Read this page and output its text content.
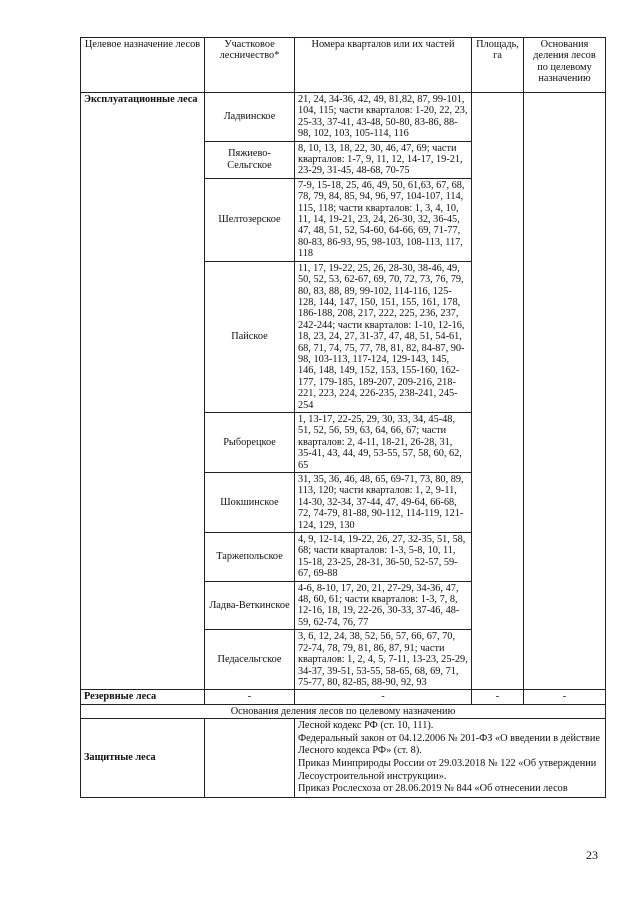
Целевое назначение лесов	Участковое лесничество*	Номера кварталов или их частей	Площадь, га	Основания деления лесов по целевому назначению
Эксплуатационные леса	Ладвинское	21, 24, 34-36, 42, 49, 81,82, 87, 99-101, 104, 115; части кварталов: 1-20, 22, 23, 25-33, 37-41, 43-48, 50-80, 83-86, 88-98, 102, 103, 105-114, 116		
	Пяжиево-Сельгское	8, 10, 13, 18, 22, 30, 46, 47, 69; части кварталов: 1-7, 9, 11, 12, 14-17, 19-21, 23-29, 31-45, 48-68, 70-75		
	Шелтозерское	7-9, 15-18, 25, 46, 49, 50, 61,63, 67, 68, 78, 79, 84, 85, 94, 96, 97, 104-107, 114, 115, 118; части кварталов: 1, 3, 4, 10, 11, 14, 19-21, 23, 24, 26-30, 32, 36-45, 47, 48, 51, 52, 54-60, 64-66, 69, 71-77, 80-83, 86-93, 95, 98-103, 108-113, 117, 118		
	Пайское	11, 17, 19-22, 25, 26, 28-30, 38-46, 49, 50, 52, 53, 62-67, 69, 70, 72, 73, 76, 79, 80, 83, 88, 89, 99-102, 114-116, 125-128, 144, 147, 150, 151, 155, 161, 178, 186-188, 208, 217, 222, 225, 236, 237, 242-244; части кварталов: 1-10, 12-16, 18, 23, 24, 27, 31-37, 47, 48, 51, 54-61, 68, 71, 74, 75, 77, 78, 81, 82, 84-87, 90-98, 103-113, 117-124, 129-143, 145, 146, 148, 149, 152, 153, 155-160, 162-177, 179-185, 189-207, 209-216, 218-221, 223, 224, 226-235, 238-241, 245-254		
	Рыборецкое	1, 13-17, 22-25, 29, 30, 33, 34, 45-48, 51, 52, 56, 59, 63, 64, 66, 67; части кварталов: 2, 4-11, 18-21, 26-28, 31, 35-41, 43, 44, 49, 53-55, 57, 58, 60, 62, 65		
	Шокшинское	31, 35, 36, 46, 48, 65, 69-71, 73, 80, 89, 113, 120; части кварталов: 1, 2, 9-11, 14-30, 32-34, 37-44, 47, 49-64, 66-68, 72, 74-79, 81-88, 90-112, 114-119, 121-124, 129, 130		
	Таржепольское	4, 9, 12-14, 19-22, 26, 27, 32-35, 51, 58, 68; части кварталов: 1-3, 5-8, 10, 11, 15-18, 23-25, 28-31, 36-50, 52-57, 59-67, 69-88		
	Ладва-Веткинское	4-6, 8-10, 17, 20, 21, 27-29, 34-36, 47, 48, 60, 61; части кварталов: 1-3, 7, 8, 12-16, 18, 19, 22-26, 30-33, 37-46, 48-59, 62-74, 76, 77		
	Педасельгское	3, 6, 12, 24, 38, 52, 56, 57, 66, 67, 70, 72-74, 78, 79, 81, 86, 87, 91; части кварталов: 1, 2, 4, 5, 7-11, 13-23, 25-29, 34-37, 39-51, 53-55, 58-65, 68, 69, 71, 75-77, 80, 82-85, 88-90, 92, 93		
Резервные леса	-	-	-	-
Основания деления лесов по целевому назначению				
Защитные леса		Лесной кодекс РФ (ст. 10, 111).
Федеральный закон от 04.12.2006 № 201-ФЗ «О введении в действие Лесного кодекса РФ» (ст. 8).
Приказ Минприроды России от 29.03.2018 № 122 «Об утверждении Лесоустроительной инструкции».
Приказ Рослесхоза от 28.06.2019 № 844 «Об отнесении лесов		
23
